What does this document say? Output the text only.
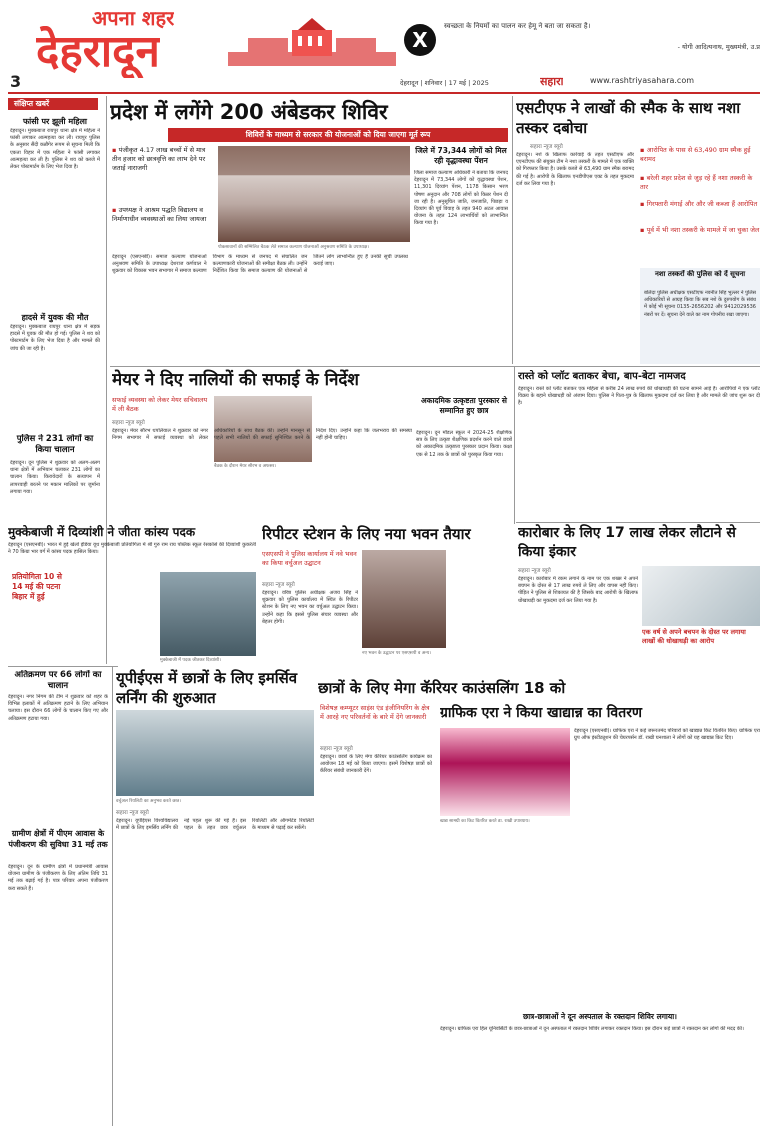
अपना शहर
देहरादून	X
स्वच्छता के नियमों का पालन कर हेमू ने बता जा सकता है।
- योगी आदित्यनाथ, मुख्यमंत्री, उ.प्र
3	देहरादून | शनिवार | 17 मई | 2025	सहारा	www.rashtriyasahara.com
संक्षिप्त खबरें
फांसी पर झूली महिला
देहरादून। मुक्कबाज रायपुर थाना क्षेत्र में महिला ने फांसी लगाकर आत्महत्या कर ली। रायपुर पुलिस के अनुसार सैंदी कन्नौगेर रूपम से सूचना मिली कि एकता विहार में एक महिला ने फांसी लगाकर आत्महत्या कर ली है। पुलिस ने शव को कब्जे में लेकर पोस्टमार्टम के लिए भेज दिया है।
हादसे में युवक की मौत
देहरादून। मुक्कबाज रायपुर थाना क्षेत्र में सड़क हादसे में युवक की मौत हो गई। पुलिस ने शव को पोस्टमार्टम के लिए भेज दिया है और मामले की जांच की जा रही है।
पुलिस ने 231 लोगों का किया चालान
देहरादून। दून पुलिस ने शुक्रवार को अलग-अलग थाना क्षेत्रों में अभियान चलाकर 231 लोगों का चालान किया। किरायेदारों के सत्यापन में लापरवाही बरतने पर मकान मालिकों पर जुर्माना लगाया गया।
प्रदेश में लगेंगे 200 अंबेडकर शिविर
शिविरों के माध्यम से सरकार की योजनाओं को दिया जाएगा मूर्त रूप
▪ पंजीकृत 4.17 लाख बच्चों में से मात्र तीन हजार को छात्रवृत्ति का लाभ देने पर जताई नाराजगी
▪ उपध्यक्ष ने आश्रम पद्धति विद्यालय व निर्माणाधीन व्यवस्थाओं का लिया जायजा
पोकसावानों की सम्मिलित बैठक लेते समाज कल्याण योजनाओं अनुश्रवण समिति के उपाध्यक्ष।
देहरादून (एसएनबी)। समाज कल्याण योजनाओं अनुश्रवण समिति के उपाध्यक्ष देशराज कर्णवाल ने शुक्रवार को विकास भवन सभागार में समाज कल्याण विभाग के माध्यम से जनपद में संचालित जन कल्याणकारी योजनाओं की समीक्षा बैठक ली। उन्होंने निर्देशित किया कि समाज कल्याण की योजनाओं से जितने लोग लाभान्वित हुए हैं उनकी सूची उपलब्ध कराई जाए।
जिले में 73,344 लोगों को मिल रही वृद्धावस्था पेंशन
जिला समाज कल्याण अधिकारी ने बताया कि जनपद देहरादून में 73,344 लोगों को वृद्धावस्था पेंशन, 11,301 दिव्यांग पेंशन, 1178 किसान भरण पोषण अनुदान और 708 लोगों को किन्नर पेंशन दी जा रही है। अनुसूचित जाति, जनजाति, पिछड़ा व दिव्यांग की पूर्व विवाह के तहत 940 अटल आवास योजना के तहत 124 लाभार्थियों को लाभान्वित किया गया है।
एसटीएफ ने लाखों की स्मैक के साथ नशा तस्कर दबोचा
सहारा न्यूज ब्यूरो
देहरादून। नशे के खिलाफ कार्रवाई के तहत एसटीएफ और एएनटीएफ की संयुक्त टीम ने नशा तस्करी के मामले में एक व्यक्ति को गिरफ्तार किया है। उसके कब्जे से 63,490 ग्राम स्मैक बरामद की गई है। आरोपी के खिलाफ एनडीपीएस एक्ट के तहत मुकदमा दर्ज कर लिया गया है।
▪ आरोपित के पास से 63,490 ग्राम स्मैक हुई बरामद
▪ बरेली शहर प्रदेश से जुड़ रहे हैं नशा तस्करी के तार
▪ गिरफ्तारी मंगाई और और जी कब्जा हैं आरोपित
▪ पूर्व में भी नशा तस्करी के मामले में जा चुका जेल
नशा तस्करों की पुलिस को दें सूचना
बलिदा पुलिस अधीक्षक एसटीएफ नवनीत सिंह भुल्लर ने पुलिस अधिकारियों से आग्रह किया कि सब नशे के दुरुपयोग के संबंध में कोई भी सूचना 0135-2656202 और 9412029536 नंबरों पर दें। सूचना देने वाले का नाम गोपनीय रखा जाएगा।
मेयर ने दिए नालियों की सफाई के निर्देश
सफाई व्यवस्था को लेकर मेयर सचिवालय में ली बैठक
सहारा न्यूज ब्यूरो
बैठक के दौरान मेयर सौरभ व अफसर।
देहरादून। मेयर सौरभ थपलियाल ने शुक्रवार को नगर निगम सभागार में सफाई व्यवस्था को लेकर अधिकारियों के साथ बैठक की। उन्होंने मानसून से पहले सभी नालियों की सफाई सुनिश्चित करने के निर्देश दिए। उन्होंने कहा कि जलभराव की समस्या नहीं होनी चाहिए।
अकादमिक उत्कृष्टता पुरस्कार से सम्मानित हुए छात्र
देहरादून। दून मॉडल स्कूल ने 2024-25 शैक्षणिक सत्र के लिए उत्कृष्ट शैक्षणिक प्रदर्शन करने वाले छात्रों को अकादमिक उत्कृष्टता पुरस्कार प्रदान किया। कक्षा एक से 12 तक के छात्रों को पुरस्कृत किया गया।
रास्ते को प्लॉट बताकर बेचा, बाप-बेटा नामजद
देहरादून। रास्ते को प्लॉट बताकर एक महिला से करीब 24 लाख रुपये की धोखाधड़ी की घटना सामने आई है। आरोपियों ने एक प्लॉट विक्रय के बहाने धोखाधड़ी को अंजाम दिया। पुलिस ने पिता-पुत्र के खिलाफ मुकदमा दर्ज कर लिया है और मामले की जांच शुरू कर दी है।
कारोबार के लिए 17 लाख लेकर लौटाने से किया इंकार
सहारा न्यूज ब्यूरो
एक वर्ष से अपने बचपन के दोस्त पर लगाया लाखों की धोखाधड़ी का आरोप
देहरादून। कारोबार में रकम लगाने के नाम पर एक शख्स ने अपने बचपन के दोस्त से 17 लाख रुपये ले लिए और वापस नहीं किए। पीड़ित ने पुलिस से शिकायत की है जिसके बाद आरोपी के खिलाफ धोखाधड़ी का मुकदमा दर्ज कर लिया गया है।
मुक्केबाजी में दिव्यांशी ने जीता कांस्य पदक
देहरादून (एसएनबी)। भारत में हुई खेलो इंडिया यूथ मुक्केबाजी प्रतियोगिता में श्री गुरु राम राय पब्लिक स्कूल रेसकोर्स की दिव्यांशी कुकरेती ने 70 किग्रा भार वर्ग में कांस्य पदक हासिल किया।
प्रतियोगिता 10 से 14 मई की पटना बिहार में हुई
मुक्केबाजी में पदक जीतकर दिव्यांशी।
रिपीटर स्टेशन के लिए नया भवन तैयार
एसएसपी ने पुलिस कार्यालय में नवे भवन का किया वर्चुअल उद्घाटन
सहारा न्यूज ब्यूरो
नए भवन के उद्घाटन पर एसएसपी व अन्य।
देहरादून। वरिष्ठ पुलिस अधीक्षक अजय सिंह ने शुक्रवार को पुलिस कार्यालय में स्थित के रिपीटर स्टेशन के लिए नए भवन का वर्चुअल उद्घाटन किया। उन्होंने कहा कि इससे पुलिस संचार व्यवस्था और बेहतर होगी।
अतिक्रमण पर 66 लोगों का चालान
देहरादून। नगर निगम की टीम ने शुक्रवार को शहर के विभिन्न इलाकों में अतिक्रमण हटाने के लिए अभियान चलाया। इस दौरान 66 लोगों के चालान किए गए और अतिक्रमण हटाया गया।
ग्रामीण क्षेत्रों में पीएम आवास के पंजीकरण की सुविधा 31 मई तक
देहरादून। दून के ग्रामीण क्षेत्रों में प्रधानमंत्री आवास योजना ग्रामीण के पंजीकरण के लिए अंतिम तिथि 31 मई तक बढ़ाई गई है। पात्र परिवार अपना पंजीकरण करा सकते हैं।
यूपीईएस में छात्रों के लिए इमर्सिव लर्निंग की शुरुआत
वर्चुअल रियलिटी का अनुभव करते छात्र।
सहारा न्यूज ब्यूरो
देहरादून। यूपीईएस विश्वविद्यालय में छात्रों के लिए इमर्सिव लर्निंग की नई पहल शुरू की गई है। इस पहल के तहत छात्र वर्चुअल रियलिटी और ऑगमेंटेड रियलिटी के माध्यम से पढ़ाई कर सकेंगे।
छात्रों के लिए मेगा कॅरियर काउंसलिंग 18 को
विशेषज्ञ कम्प्यूटर साइंस एंड इंजीनियरिंग के क्षेत्र में आरहे नए परिवर्तनों के बारे में देंगे जानकारी
सहारा न्यूज ब्यूरो
देहरादून। छात्रों के लिए मेगा कॅरियर काउंसलिंग कार्यक्रम का आयोजन 18 मई को किया जाएगा। इसमें विशेषज्ञ छात्रों को कॅरियर संबंधी जानकारी देंगे।
ग्राफिक एरा ने किया खाद्यान्न का वितरण
खाद्य सामग्री का किट वितरित करते डा. राखी उपाध्याय।
देहरादून (एसएनबी)। ग्राफिक एरा ने कई जरूरतमंद परिवारों को खाद्यान्न किट वितरित किए। ग्राफिक एरा ग्रुप ऑफ इंस्टीट्यूशन की चेयरपर्सन डॉ. राखी घनशाला ने लोगों को यह खाद्यान्न किट दिए।
छात्र-छात्राओं ने दून अस्पताल के रक्तदान शिविर लगाया।
देहरादून। ग्राफिक एरा हिल यूनिवर्सिटी के छात्र-छात्राओं ने दून अस्पताल में रक्तदान शिविर लगाकर रक्तदान किया। इस दौरान कई छात्रों ने रक्तदान कर लोगों की मदद की।
